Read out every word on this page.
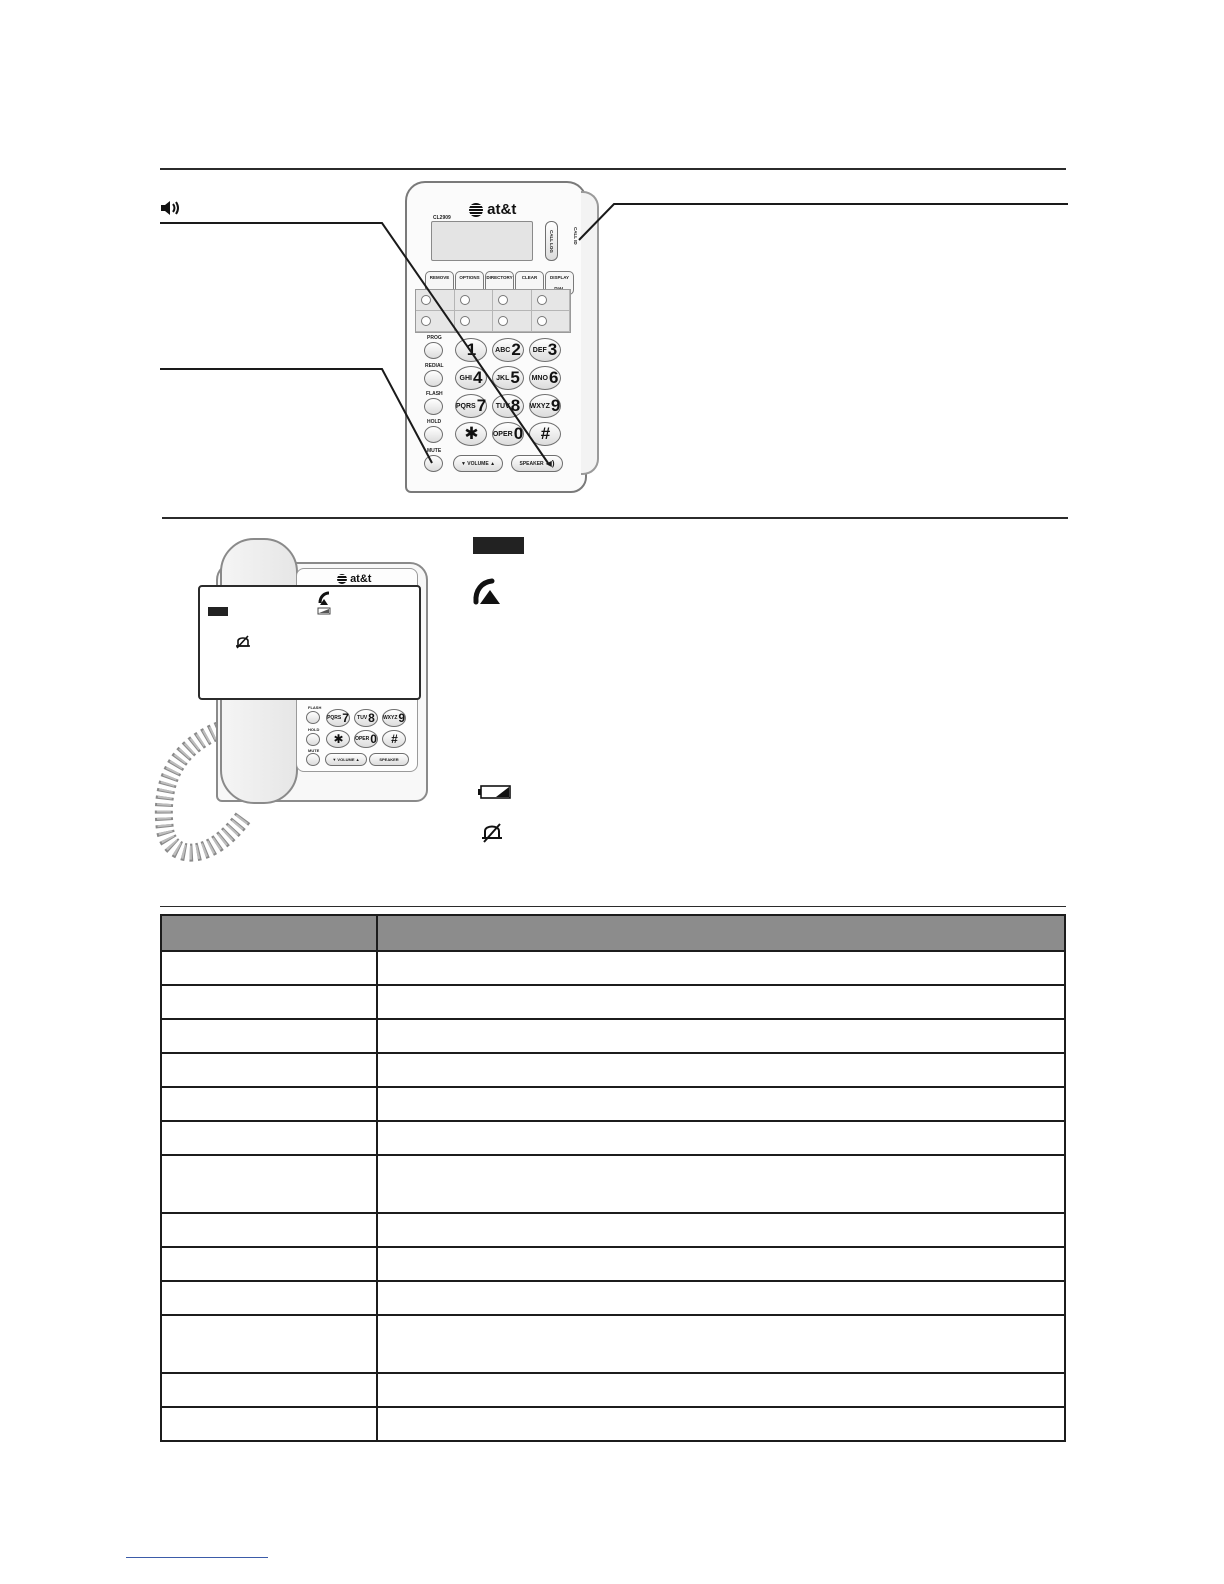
at&t
CL2909
CALL LOG	CALL ID
REMOVE	OPTIONS	DIRECTORY	CLEAR	DISPLAY
PROG
REDIAL
FLASH
HOLD
MUTE
1	ABC 2 DEF 3
GHI 4 JKL 5 MNO 6
PQRS 7 TUV 8 WXYZ 9
✱ OPER 0 #
▼ VOLUME ▲	SPEAKER ◀)
at&t
FLASH
HOLD
MUTE
PQRS 7 TUV 8 WXYZ 9
✱ OPER 0 #
▼ VOLUME ▲	SPEAKER
